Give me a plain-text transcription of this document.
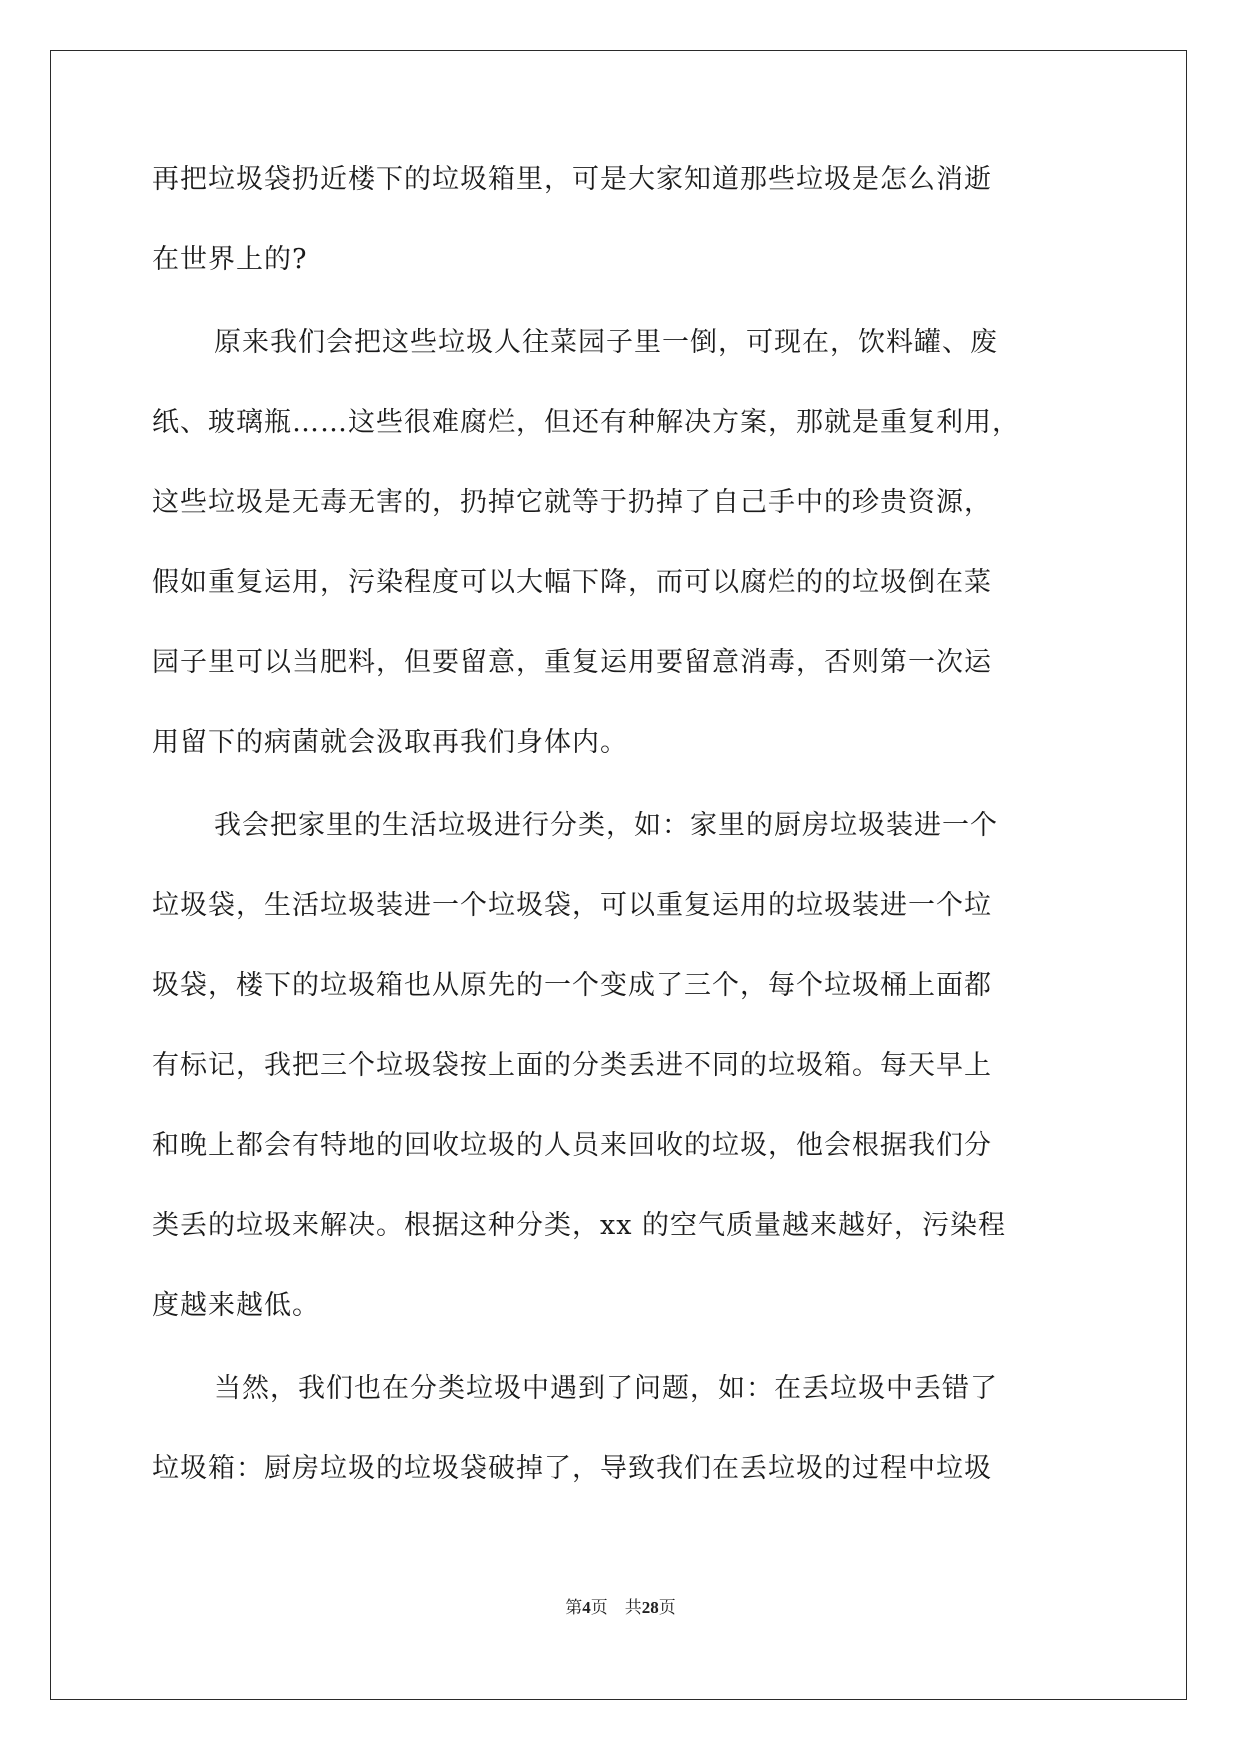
再把垃圾袋扔近楼下的垃圾箱里，可是大家知道那些垃圾是怎么消逝
在世界上的?
原来我们会把这些垃圾人往菜园子里一倒，可现在，饮料罐、废
纸、玻璃瓶……这些很难腐烂，但还有种解决方案，那就是重复利用，
这些垃圾是无毒无害的，扔掉它就等于扔掉了自己手中的珍贵资源，
假如重复运用，污染程度可以大幅下降，而可以腐烂的的垃圾倒在菜
园子里可以当肥料，但要留意，重复运用要留意消毒，否则第一次运
用留下的病菌就会汲取再我们身体内。
我会把家里的生活垃圾进行分类，如：家里的厨房垃圾装进一个
垃圾袋，生活垃圾装进一个垃圾袋，可以重复运用的垃圾装进一个垃
圾袋，楼下的垃圾箱也从原先的一个变成了三个，每个垃圾桶上面都
有标记，我把三个垃圾袋按上面的分类丢进不同的垃圾箱。每天早上
和晚上都会有特地的回收垃圾的人员来回收的垃圾，他会根据我们分
类丢的垃圾来解决。根据这种分类，xx 的空气质量越来越好，污染程
度越来越低。
当然，我们也在分类垃圾中遇到了问题，如：在丢垃圾中丢错了
垃圾箱：厨房垃圾的垃圾袋破掉了，导致我们在丢垃圾的过程中垃圾
第4页 共28页
